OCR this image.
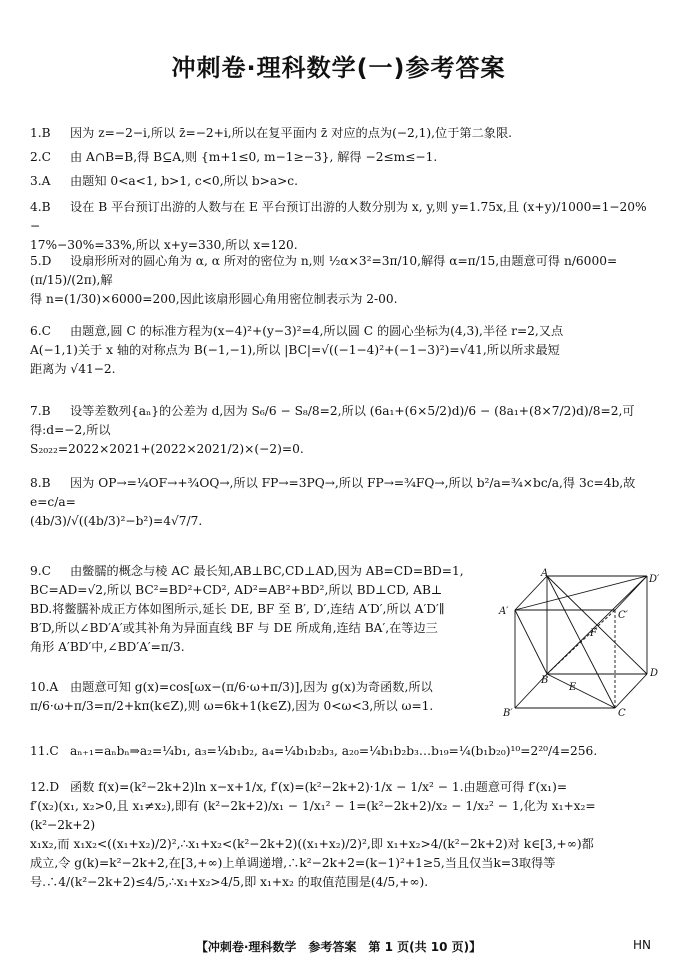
冲刺卷·理科数学(一)参考答案
1.B 因为 z=−2−i,所以 z̄=−2+i,所以在复平面内 z̄ 对应的点为(−2,1),位于第二象限.
2.C 由 A∩B=B,得 B⊆A,则 {m+1≤0, m−1≥−3}, 解得 −2≤m≤−1.
3.A 由题知 0<a<1, b>1, c<0,所以 b>a>c.
4.B 设在 B 平台预订出游的人数与在 E 平台预订出游的人数分别为 x, y,则 y=1.75x,且 (x+y)/1000=1−20%−
17%−30%=33%,所以 x+y=330,所以 x=120.
5.D 设扇形所对的圆心角为 α, α 所对的密位为 n,则 ½α×3²=3π/10,解得 α=π/15,由题意可得 n/6000=(π/15)/(2π),解
得 n=(1/30)×6000=200,因此该扇形圆心角用密位制表示为 2-00.
6.C 由题意,圆 C 的标准方程为(x−4)²+(y−3)²=4,所以圆 C 的圆心坐标为(4,3),半径 r=2,又点
A(−1,1)关于 x 轴的对称点为 B(−1,−1),所以 |BC|=√((−1−4)²+(−1−3)²)=√41,所以所求最短
距离为 √41−2.
7.B 设等差数列{aₙ}的公差为 d,因为 S₆/6 − S₈/8=2,所以 (6a₁+(6×5/2)d)/6 − (8a₁+(8×7/2)d)/8=2,可得:d=−2,所以
S₂₀₂₂=2022×2021+(2022×2021/2)×(−2)=0.
8.B 因为 OP→=¼OF→+¾OQ→,所以 FP→=3PQ→,所以 FP→=¾FQ→,所以 b²/a=¾×bc/a,得 3c=4b,故 e=c/a=
(4b/3)/√((4b/3)²−b²)=4√7/7.
9.C 由鳖臑的概念与棱 AC 最长知,AB⊥BC,CD⊥AD,因为 AB=CD=BD=1,
BC=AD=√2,所以 BC²=BD²+CD², AD²=AB²+BD²,所以 BD⊥CD, AB⊥
BD.将鳖臑补成正方体如图所示,延长 DE, BF 至 B′, D′,连结 A′D′,所以 A′D′∥
B′D,所以∠BD′A′或其补角为异面直线 BF 与 DE 所成角,连结 BA′,在等边三
角形 A′BD′中,∠BD′A′=π/3.
10.A 由题意可知 g(x)=cos[ωx−(π/6·ω+π/3)],因为 g(x)为奇函数,所以
π/6·ω+π/3=π/2+kπ(k∈Z),则 ω=6k+1(k∈Z),因为 0<ω<3,所以 ω=1.
11.C aₙ₊₁=aₙbₙ⇒a₂=¼b₁, a₃=¼b₁b₂, a₄=¼b₁b₂b₃, a₂₀=¼b₁b₂b₃…b₁₉=¼(b₁b₂₀)¹⁰=2²⁰/4=256.
12.D 函数 f(x)=(k²−2k+2)ln x−x+1/x, f′(x)=(k²−2k+2)·1/x − 1/x² − 1.由题意可得 f′(x₁)=
f′(x₂)(x₁, x₂>0,且 x₁≠x₂),即有 (k²−2k+2)/x₁ − 1/x₁² − 1=(k²−2k+2)/x₂ − 1/x₂² − 1,化为 x₁+x₂=(k²−2k+2)
x₁x₂,而 x₁x₂<((x₁+x₂)/2)²,∴x₁+x₂<(k²−2k+2)((x₁+x₂)/2)²,即 x₁+x₂>4/(k²−2k+2)对 k∈[3,+∞)都
成立,令 g(k)=k²−2k+2,在[3,+∞)上单调递增,∴k²−2k+2=(k−1)²+1≥5,当且仅当k=3取得等
号.∴4/(k²−2k+2)≤4/5,∴x₁+x₂>4/5,即 x₁+x₂ 的取值范围是(4/5,+∞).
A
D′
A′	C′
F
B
E
D
B′	C
【冲刺卷·理科数学　参考答案　第 1 页(共 10 页)】	HN
